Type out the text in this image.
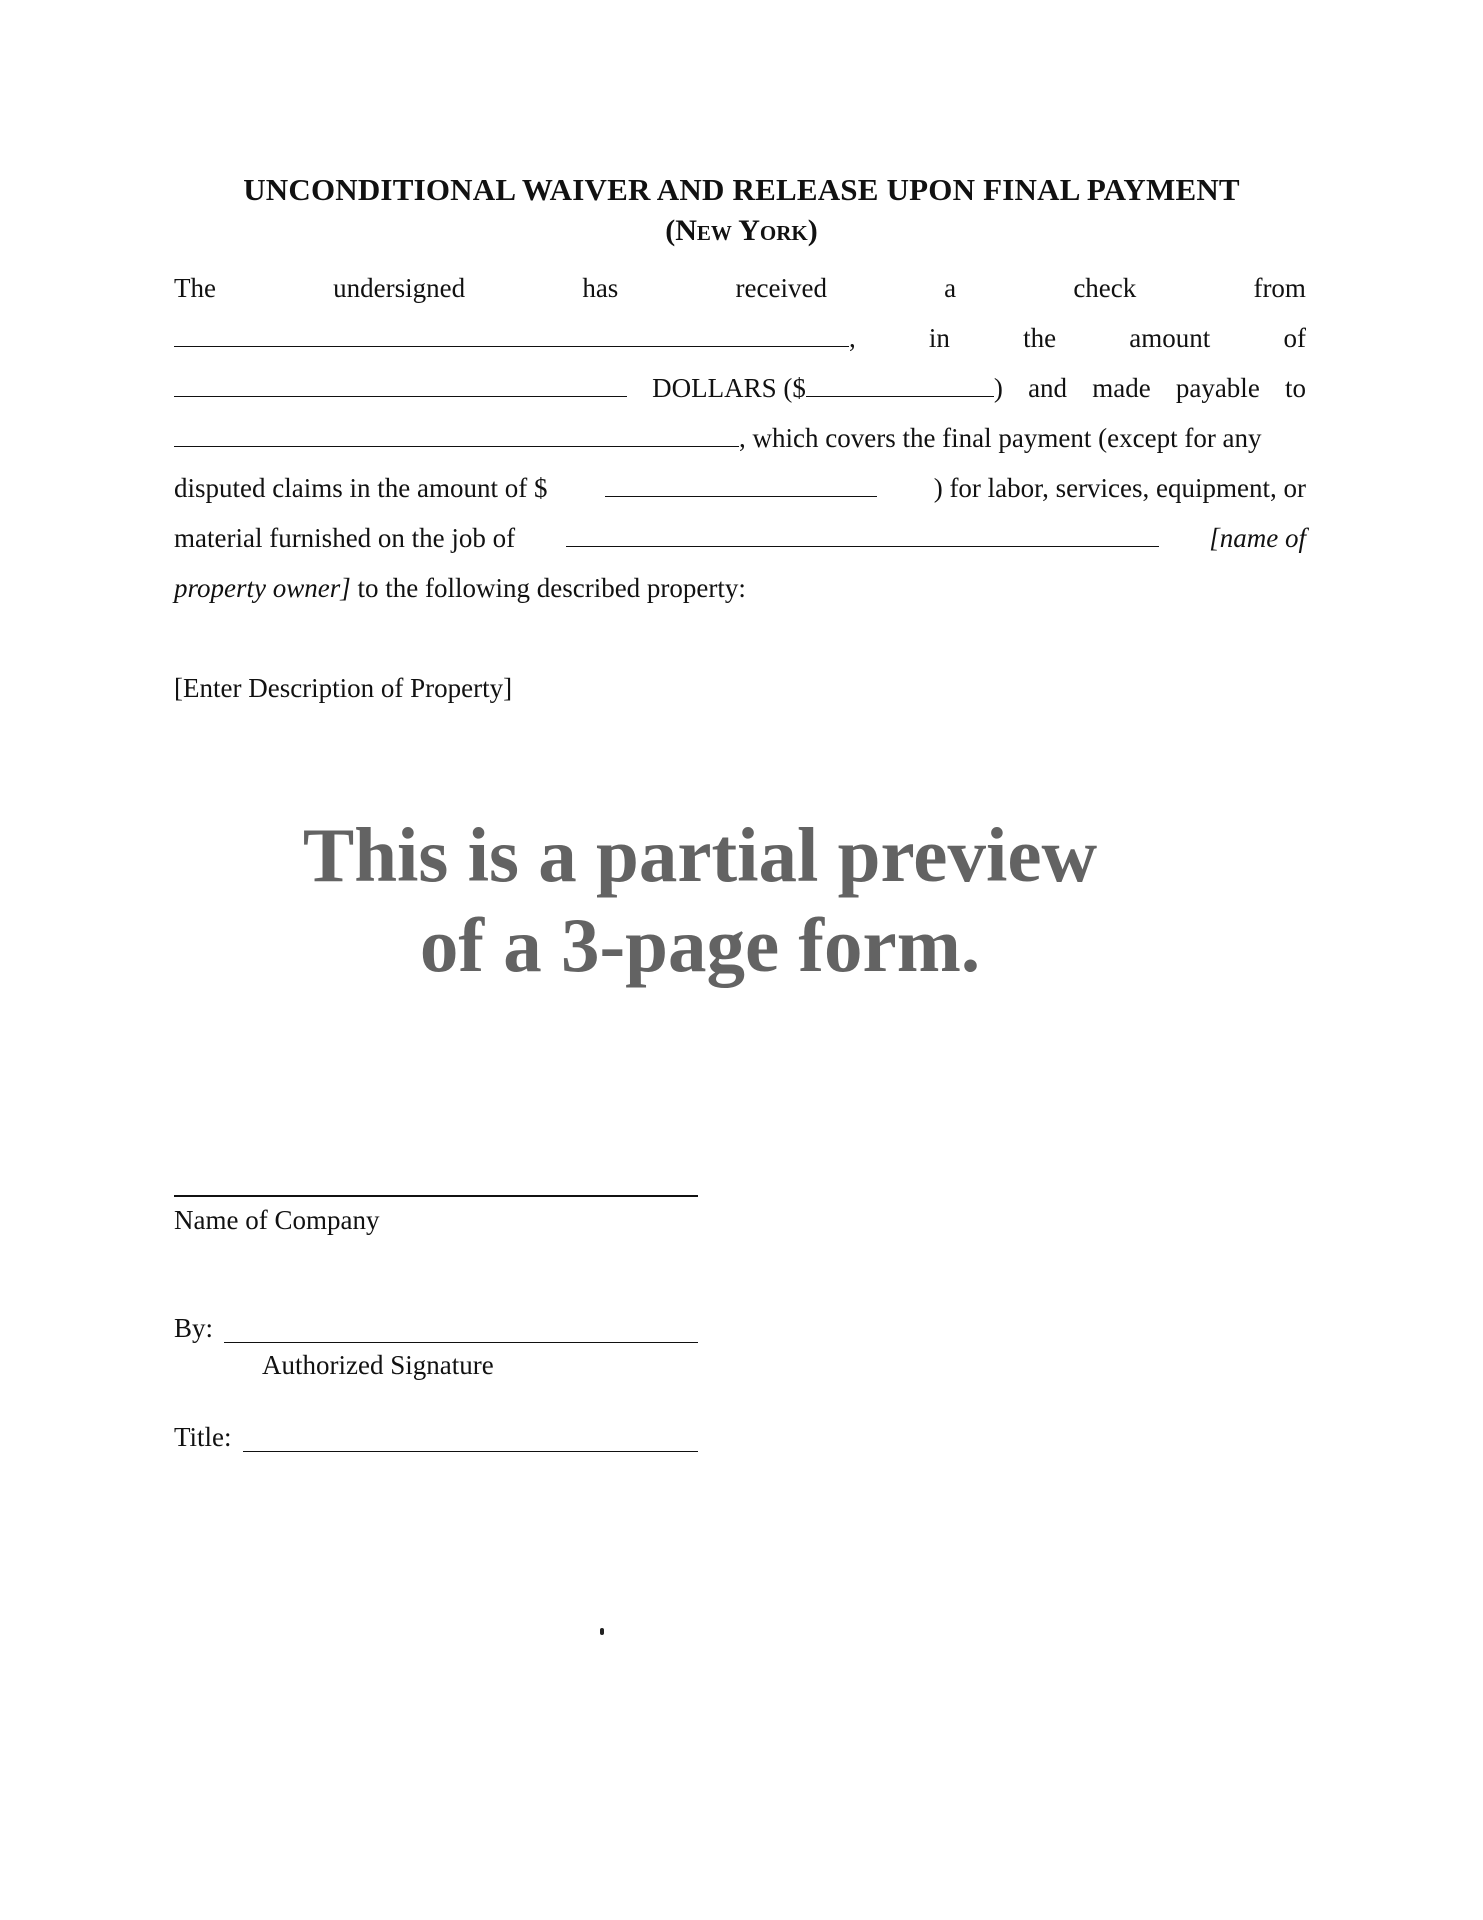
UNCONDITIONAL WAIVER AND RELEASE UPON FINAL PAYMENT
(New York)
The	undersigned	has	received	a	check	from
,	in	the	amount	of
DOLLARS ($	) and made payable to
, which covers the final payment (except for any
disputed claims in the amount of $	) for labor, services, equipment, or
material furnished on the job of	[name of
property owner] to the following described property:
[Enter Description of Property]
This is a partial preview
of a 3-page form.
Name of Company
By:
Authorized Signature
Title:
